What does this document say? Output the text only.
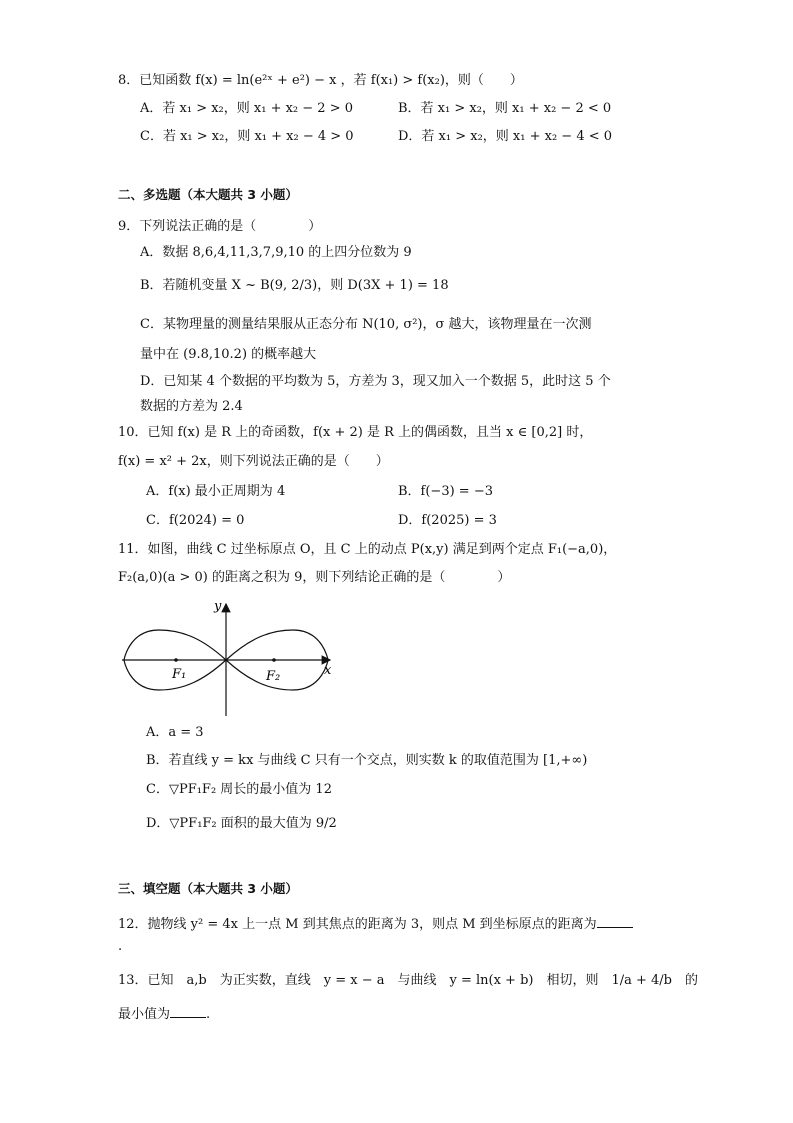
8．已知函数 f(x) = ln(e²ˣ + e²) − x ，若 f(x₁) > f(x₂)，则（　　）
A．若 x₁ > x₂，则 x₁ + x₂ − 2 > 0	B．若 x₁ > x₂，则 x₁ + x₂ − 2 < 0
C．若 x₁ > x₂，则 x₁ + x₂ − 4 > 0	D．若 x₁ > x₂，则 x₁ + x₂ − 4 < 0
二、多选题（本大题共 3 小题）
9．下列说法正确的是（　　　　）
A．数据 8,6,4,11,3,7,9,10 的上四分位数为 9
B．若随机变量 X ~ B(9, 2/3)，则 D(3X + 1) = 18
C．某物理量的测量结果服从正态分布 N(10, σ²)，σ 越大，该物理量在一次测
量中在 (9.8,10.2) 的概率越大
D．已知某 4 个数据的平均数为 5，方差为 3，现又加入一个数据 5，此时这 5 个
数据的方差为 2.4
10．已知 f(x) 是 R 上的奇函数，f(x + 2) 是 R 上的偶函数，且当 x ∈ [0,2] 时，
f(x) = x² + 2x，则下列说法正确的是（　　）
A．f(x) 最小正周期为 4	B．f(−3) = −3
C．f(2024) = 0	D．f(2025) = 3
11．如图，曲线 C 过坐标原点 O，且 C 上的动点 P(x,y) 满足到两个定点 F₁(−a,0)，
F₂(a,0)(a > 0) 的距离之积为 9，则下列结论正确的是（　　　　）
y
x
F₁	F₂
A．a = 3
B．若直线 y = kx 与曲线 C 只有一个交点，则实数 k 的取值范围为 [1,+∞)
C．▽PF₁F₂ 周长的最小值为 12
D．▽PF₁F₂ 面积的最大值为 9/2
三、填空题（本大题共 3 小题）
12．抛物线 y² = 4x 上一点 M 到其焦点的距离为 3，则点 M 到坐标原点的距离为
.
13．已知　a,b　为正实数，直线　y = x − a　与曲线　y = ln(x + b)　相切，则　1/a + 4/b　的
最小值为	.
